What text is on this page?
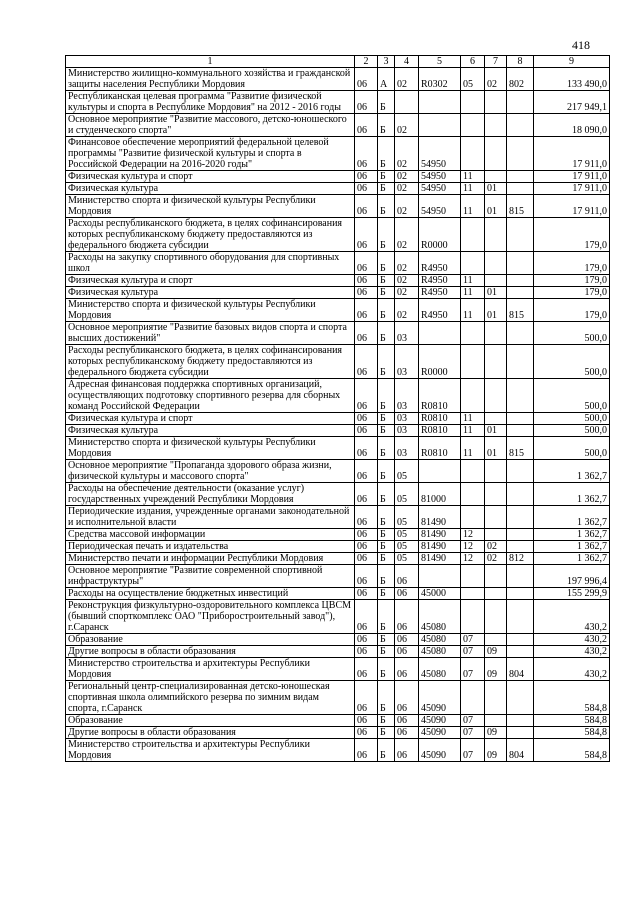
418
1	2	3	4	5	6	7	8	9
Министерство жилищно-коммунального хозяйства и гражданской защиты населения Республики Мордовия	06	А	02	R0302	05	02	802	133 490,0
Республиканская целевая программа "Развитие физической культуры и спорта в Республике Мордовия" на 2012 - 2016 годы	06	Б						217 949,1
Основное мероприятие "Развитие массового, детско-юношеского и студенческого спорта"	06	Б	02					18 090,0
Финансовое обеспечение мероприятий федеральной целевой программы "Развитие физической культуры и спорта в Российской Федерации на 2016-2020 годы"	06	Б	02	54950				17 911,0
Физическая культура и спорт	06	Б	02	54950	11			17 911,0
Физическая культура	06	Б	02	54950	11	01		17 911,0
Министерство спорта и физической культуры Республики Мордовия	06	Б	02	54950	11	01	815	17 911,0
Расходы республиканского бюджета, в целях софинансирования которых республиканскому бюджету предоставляются из федерального бюджета субсидии	06	Б	02	R0000				179,0
Расходы на закупку спортивного оборудования для спортивных школ	06	Б	02	R4950				179,0
Физическая культура и спорт	06	Б	02	R4950	11			179,0
Физическая культура	06	Б	02	R4950	11	01		179,0
Министерство спорта и физической культуры Республики Мордовия	06	Б	02	R4950	11	01	815	179,0
Основное мероприятие "Развитие базовых видов спорта и спорта высших достижений"	06	Б	03					500,0
Расходы республиканского бюджета, в целях софинансирования которых республиканскому бюджету предоставляются из федерального бюджета субсидии	06	Б	03	R0000				500,0
Адресная финансовая поддержка спортивных организаций, осуществляющих подготовку спортивного резерва для сборных команд Российской Федерации	06	Б	03	R0810				500,0
Физическая культура и спорт	06	Б	03	R0810	11			500,0
Физическая культура	06	Б	03	R0810	11	01		500,0
Министерство спорта и физической культуры Республики Мордовия	06	Б	03	R0810	11	01	815	500,0
Основное мероприятие "Пропаганда здорового образа жизни, физической культуры и массового спорта"	06	Б	05					1 362,7
Расходы на обеспечение деятельности (оказание услуг) государственных учреждений Республики Мордовия	06	Б	05	81000				1 362,7
Периодические издания, учрежденные органами законодательной и исполнительной власти	06	Б	05	81490				1 362,7
Средства массовой информации	06	Б	05	81490	12			1 362,7
Периодическая печать и издательства	06	Б	05	81490	12	02		1 362,7
Министерство печати и информации Республики Мордовия	06	Б	05	81490	12	02	812	1 362,7
Основное мероприятие "Развитие современной спортивной инфраструктуры"	06	Б	06					197 996,4
Расходы на осуществление бюджетных инвестиций	06	Б	06	45000				155 299,9
Реконструкция физкультурно-оздоровительного комплекса ЦВСМ (бывший спорткомплекс ОАО "Приборостроительный завод"), г.Саранск	06	Б	06	45080				430,2
Образование	06	Б	06	45080	07			430,2
Другие вопросы в области образования	06	Б	06	45080	07	09		430,2
Министерство строительства и архитектуры Республики Мордовия	06	Б	06	45080	07	09	804	430,2
Региональный центр-специализированная детско-юношеская спортивная школа олимпийского резерва по зимним видам спорта, г.Саранск	06	Б	06	45090				584,8
Образование	06	Б	06	45090	07			584,8
Другие вопросы в области образования	06	Б	06	45090	07	09		584,8
Министерство строительства и архитектуры Республики Мордовия	06	Б	06	45090	07	09	804	584,8
